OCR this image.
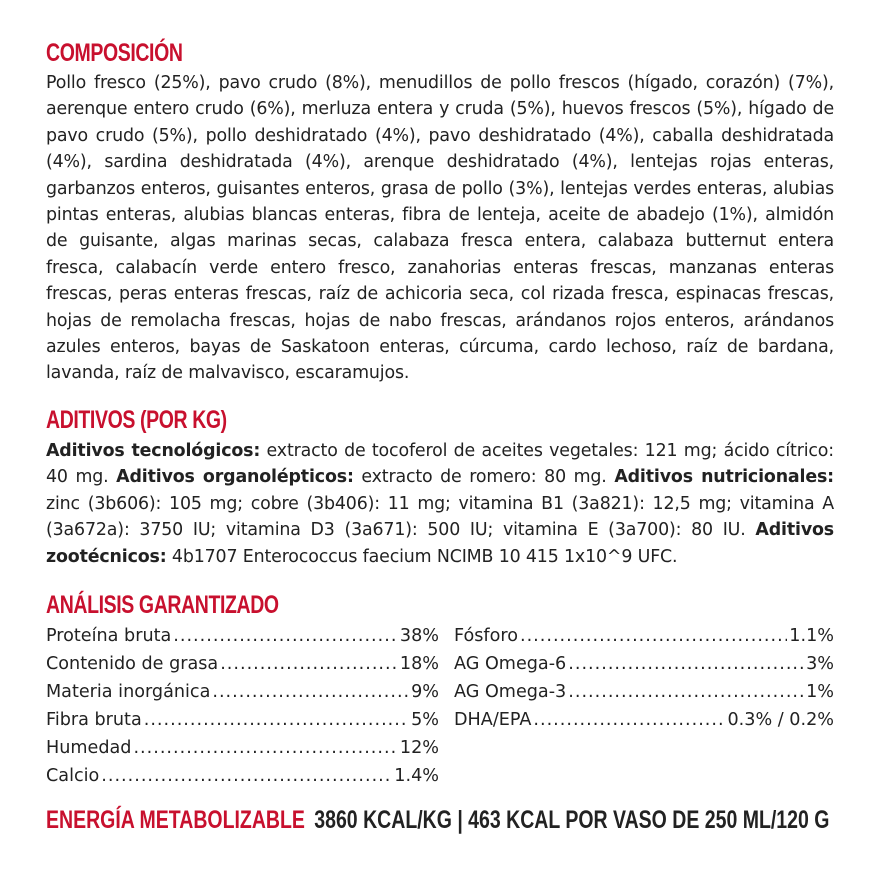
COMPOSICIÓN

Pollo fresco (25%), pavo crudo (8%), menudillos de pollo frescos (hígado, corazón) (7%), aerenque entero crudo (6%), merluza entera y cruda (5%), huevos frescos (5%), hígado de pavo crudo (5%), pollo deshidratado (4%), pavo deshidratado (4%), caballa deshidratada (4%), sardina deshidratada (4%), arenque deshidratado (4%), lentejas rojas enteras, garbanzos enteros, guisantes enteros, grasa de pollo (3%), lentejas verdes enteras, alubias pintas enteras, alubias blancas enteras, fibra de lenteja, aceite de abadejo (1%), almidón de guisante, algas marinas secas, calabaza fresca entera, calabaza butternut entera fresca, calabacín verde entero fresco, zanahorias enteras frescas, manzanas enteras frescas, peras enteras frescas, raíz de achicoria seca, col rizada fresca, espinacas frescas, hojas de remolacha frescas, hojas de nabo frescas, arándanos rojos enteros, arándanos azules enteros, bayas de Saskatoon enteras, cúrcuma, cardo lechoso, raíz de bardana, lavanda, raíz de malvavisco, escaramujos.

ADITIVOS (POR KG)

Aditivos tecnológicos: extracto de tocoferol de aceites vegetales: 121 mg; ácido cítrico: 40 mg. Aditivos organolépticos: extracto de romero: 80 mg. Aditivos nutricionales: zinc (3b606): 105 mg; cobre (3b406): 11 mg; vitamina B1 (3a821): 12,5 mg; vitamina A (3a672a): 3750 IU; vitamina D3 (3a671): 500 IU; vitamina E (3a700): 80 IU. Aditivos zootécnicos: 4b1707 Enterococcus faecium NCIMB 10 415 1x10^9 UFC.

ANÁLISIS GARANTIZADO
Proteína bruta .....	38%
Contenido de grasa .....	18%
Materia inorgánica .....	9%
Fibra bruta .....	5%
Humedad .....	12%
Calcio .....	1.4%
Fósforo .....	1.1%
AG Omega-6 .....	3%
AG Omega-3 .....	1%
DHA/EPA .....	0.3% / 0.2%
ENERGÍA METABOLIZABLE 3860 KCAL/KG | 463 KCAL POR VASO DE 250 ML/120 G
